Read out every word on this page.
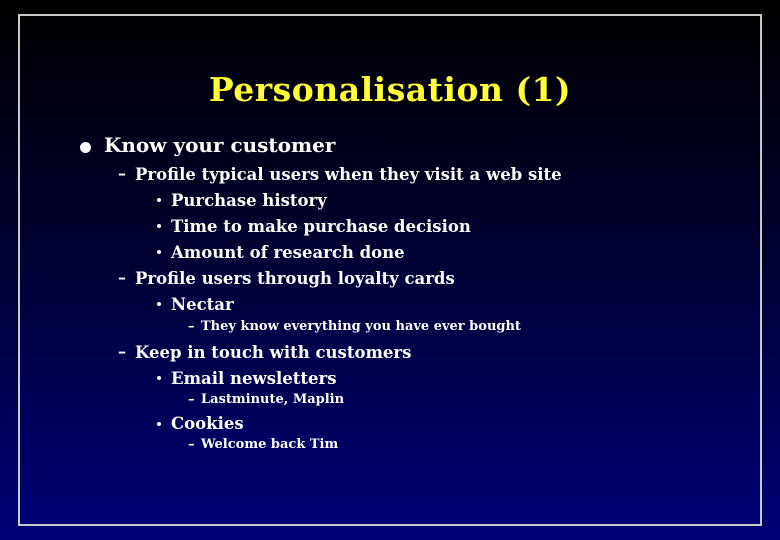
Personalisation (1)
Know your customer
– Profile typical users when they visit a web site
Purchase history
Time to make purchase decision
Amount of research done
– Profile users through loyalty cards
Nectar
– They know everything you have ever bought
– Keep in touch with customers
Email newsletters
– Lastminute, Maplin
Cookies
– Welcome back Tim
